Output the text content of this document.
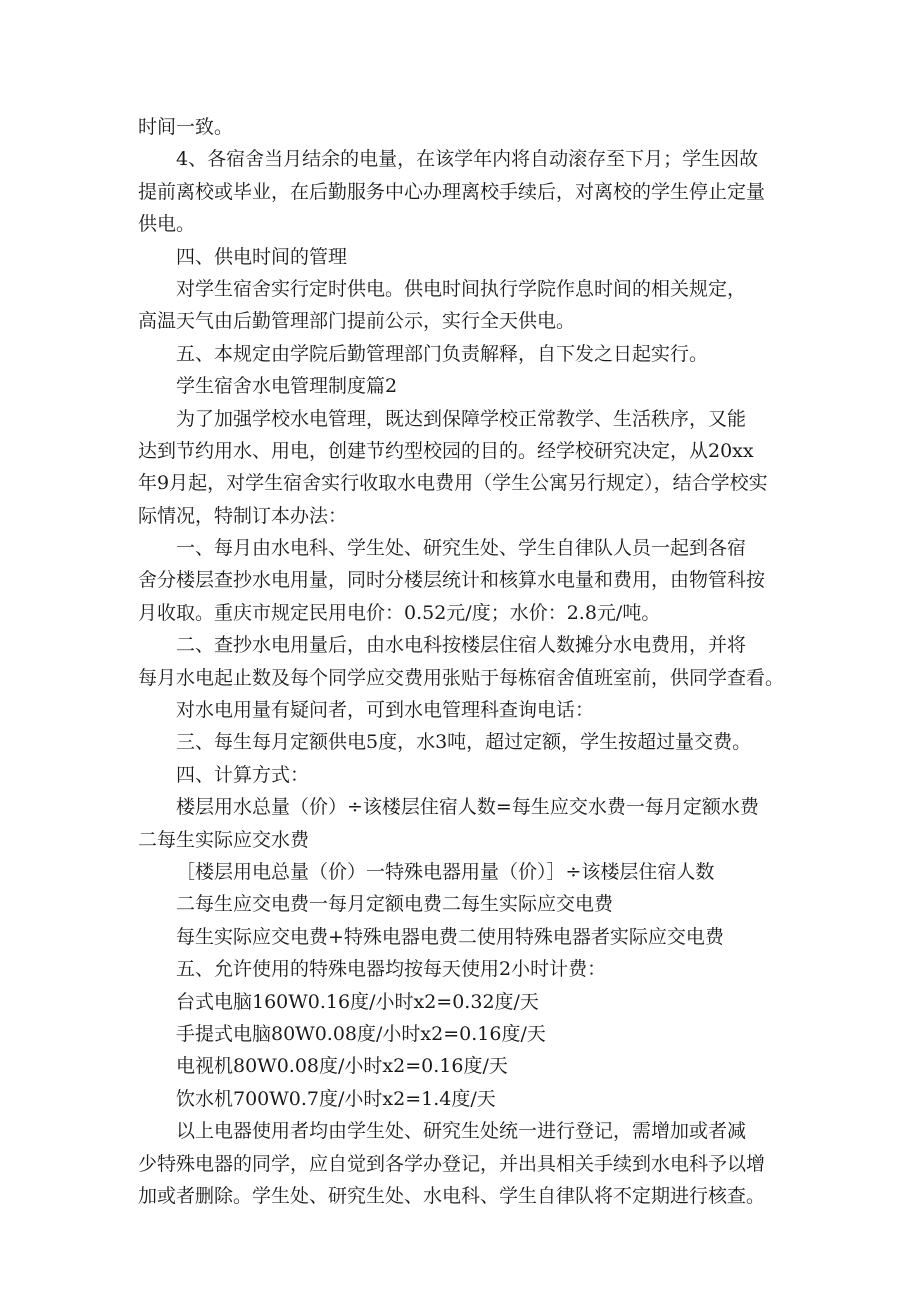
时间一致。
4、各宿舍当月结余的电量，在该学年内将自动滚存至下月；学生因故
提前离校或毕业，在后勤服务中心办理离校手续后，对离校的学生停止定量
供电。
四、供电时间的管理
对学生宿舍实行定时供电。供电时间执行学院作息时间的相关规定，
高温天气由后勤管理部门提前公示，实行全天供电。
五、本规定由学院后勤管理部门负责解释，自下发之日起实行。
学生宿舍水电管理制度篇2
为了加强学校水电管理，既达到保障学校正常教学、生活秩序，又能
达到节约用水、用电，创建节约型校园的目的。经学校研究决定，从20xx
年9月起，对学生宿舍实行收取水电费用（学生公寓另行规定），结合学校实
际情况，特制订本办法：
一、每月由水电科、学生处、研究生处、学生自律队人员一起到各宿
舍分楼层查抄水电用量，同时分楼层统计和核算水电量和费用，由物管科按
月收取。重庆市规定民用电价：0.52元/度；水价：2.8元/吨。
二、查抄水电用量后，由水电科按楼层住宿人数摊分水电费用，并将
每月水电起止数及每个同学应交费用张贴于每栋宿舍值班室前，供同学查看。
对水电用量有疑问者，可到水电管理科查询电话：
三、每生每月定额供电5度，水3吨，超过定额，学生按超过量交费。
四、计算方式：
楼层用水总量（价）÷该楼层住宿人数=每生应交水费一每月定额水费
二每生实际应交水费
［楼层用电总量（价）一特殊电器用量（价）］÷该楼层住宿人数
二每生应交电费一每月定额电费二每生实际应交电费
每生实际应交电费+特殊电器电费二使用特殊电器者实际应交电费
五、允许使用的特殊电器均按每天使用2小时计费：
台式电脑160W0.16度/小时x2=0.32度/天
手提式电脑80W0.08度/小时x2=0.16度/天
电视机80W0.08度/小时x2=0.16度/天
饮水机700W0.7度/小时x2=1.4度/天
以上电器使用者均由学生处、研究生处统一进行登记，需增加或者减
少特殊电器的同学，应自觉到各学办登记，并出具相关手续到水电科予以增
加或者删除。学生处、研究生处、水电科、学生自律队将不定期进行核查。
